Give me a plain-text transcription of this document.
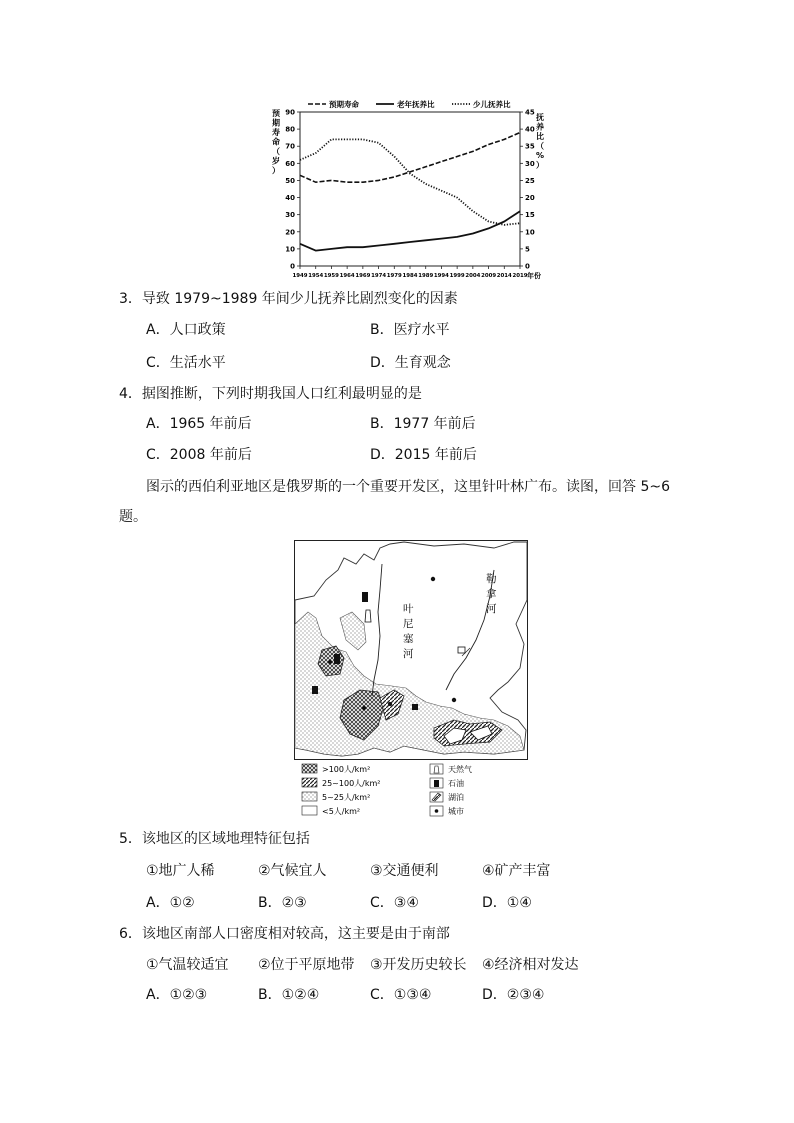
0
10
20
30
40
50
60
70
80
90
0
5
10
15
20
25
30
35
40
45
1949 1954 1959 1964 1969 1974 1979 1984 1989 1994 1999 2004 2009 2014 2019
预
期
寿
命
（
岁
）
抚
养
比
（
%
）
年份
预期寿命	老年抚养比	少儿抚养比
3．导致 1979~1989 年间少儿抚养比剧烈变化的因素
A．人口政策	B．医疗水平
C．生活水平	D．生育观念
4．据图推断，下列时期我国人口红利最明显的是
A．1965 年前后	B．1977 年前后
C．2008 年前后	D．2015 年前后
图示的西伯利亚地区是俄罗斯的一个重要开发区，这里针叶林广布。读图，回答 5~6
题。
叶
尼
塞
河
勒
拿
河
>100人/km²
25~100人/km²
5~25人/km²
<5人/km²
天然气
石油
湖泊
城市
5．该地区的区域地理特征包括
①地广人稀	②气候宜人	③交通便利	④矿产丰富
A．①②	B．②③	C．③④	D．①④
6．该地区南部人口密度相对较高，这主要是由于南部
①气温较适宜 ②位于平原地带 ③开发历史较长 ④经济相对发达
A．①②③	B．①②④	C．①③④	D．②③④
